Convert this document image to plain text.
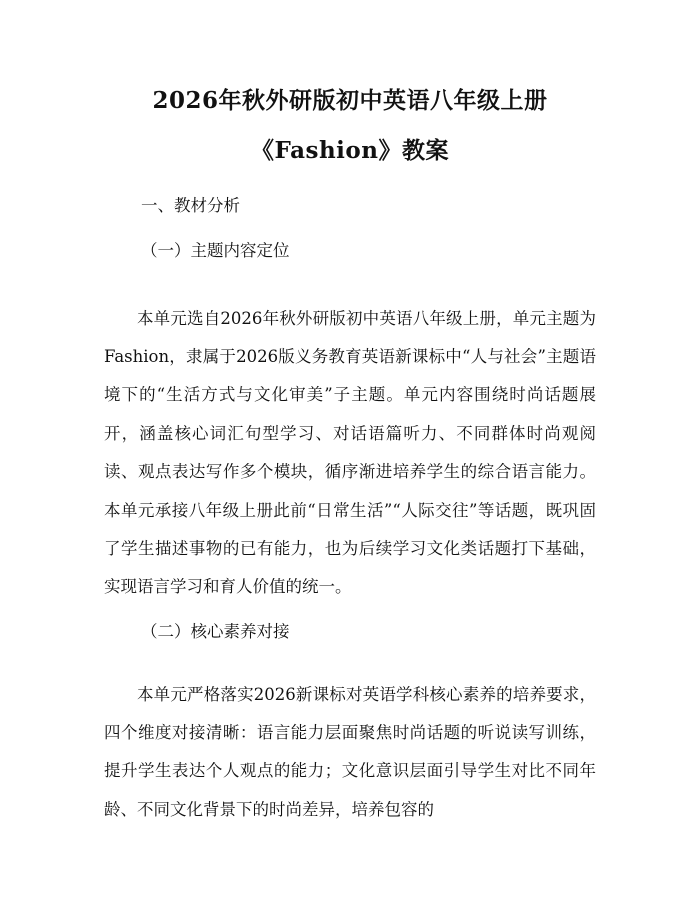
2026年秋外研版初中英语八年级上册
《Fashion》教案
一、教材分析
（一）主题内容定位

本单元选自2026年秋外研版初中英语八年级上册，单元主题为Fashion，隶属于2026版义务教育英语新课标中“人与社会”主题语境下的“生活方式与文化审美”子主题。单元内容围绕时尚话题展开，涵盖核心词汇句型学习、对话语篇听力、不同群体时尚观阅读、观点表达写作多个模块，循序渐进培养学生的综合语言能力。本单元承接八年级上册此前“日常生活”“人际交往”等话题，既巩固了学生描述事物的已有能力，也为后续学习文化类话题打下基础，实现语言学习和育人价值的统一。

（二）核心素养对接

本单元严格落实2026新课标对英语学科核心素养的培养要求，四个维度对接清晰：语言能力层面聚焦时尚话题的听说读写训练，提升学生表达个人观点的能力；文化意识层面引导学生对比不同年龄、不同文化背景下的时尚差异，培养包容的
